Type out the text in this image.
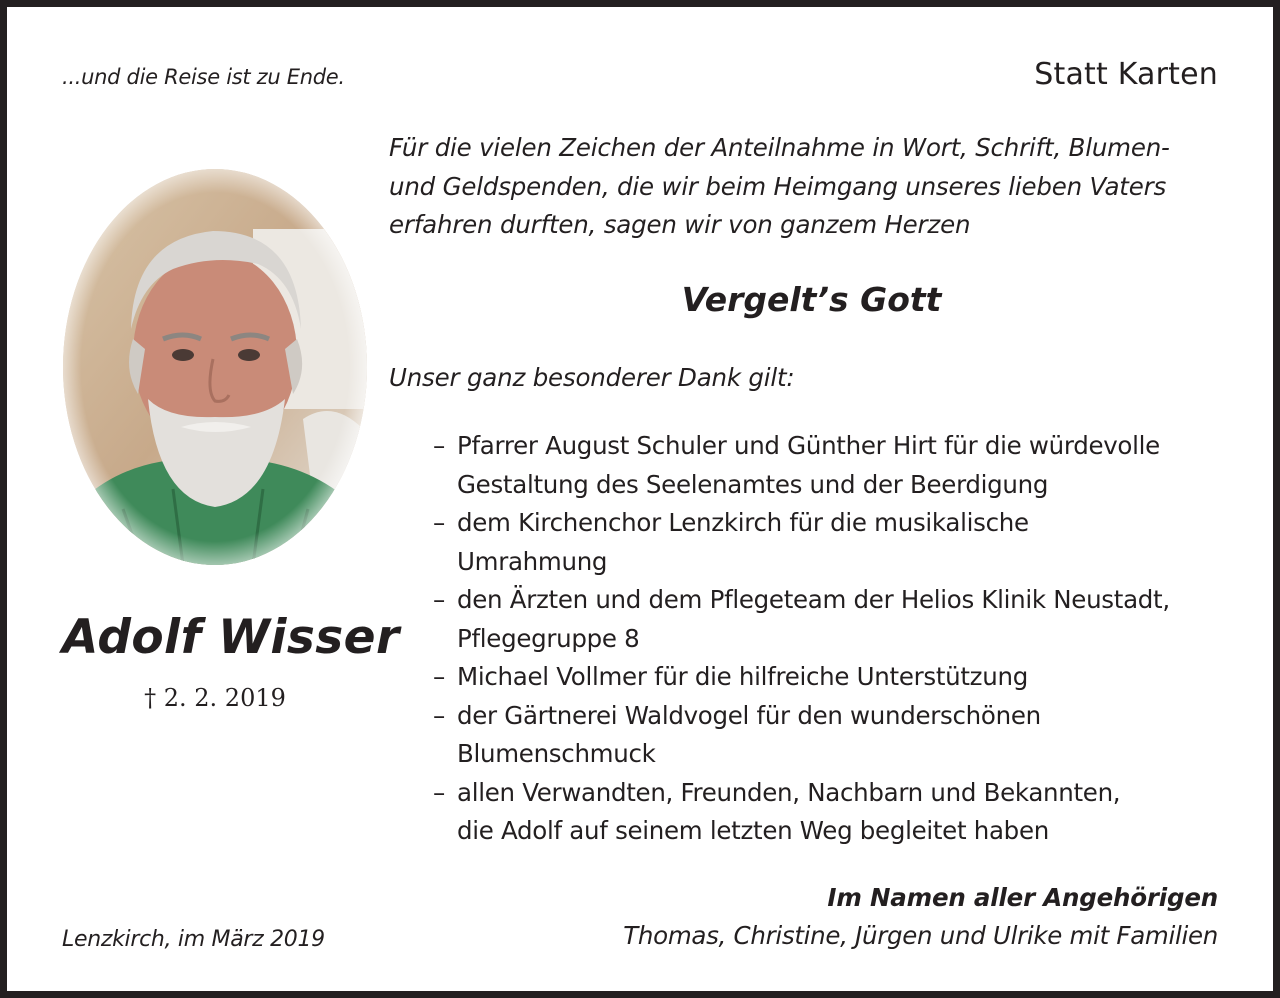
...und die Reise ist zu Ende.	Statt Karten
Adolf Wisser
† 2. 2. 2019
Lenzkirch, im März 2019
Für die vielen Zeichen der Anteilnahme in Wort, Schrift, Blumen-
und Geldspenden, die wir beim Heimgang unseres lieben Vaters
erfahren durften, sagen wir von ganzem Herzen
Vergelt’s Gott
Unser ganz besonderer Dank gilt:
– Pfarrer August Schuler und Günther Hirt für die würdevolle
Gestaltung des Seelenamtes und der Beerdigung
– dem Kirchenchor Lenzkirch für die musikalische
Umrahmung
– den Ärzten und dem Pflegeteam der Helios Klinik Neustadt,
Pflegegruppe 8
– Michael Vollmer für die hilfreiche Unterstützung
– der Gärtnerei Waldvogel für den wunderschönen
Blumenschmuck
– allen Verwandten, Freunden, Nachbarn und Bekannten,
die Adolf auf seinem letzten Weg begleitet haben
Im Namen aller Angehörigen
Thomas, Christine, Jürgen und Ulrike mit Familien
